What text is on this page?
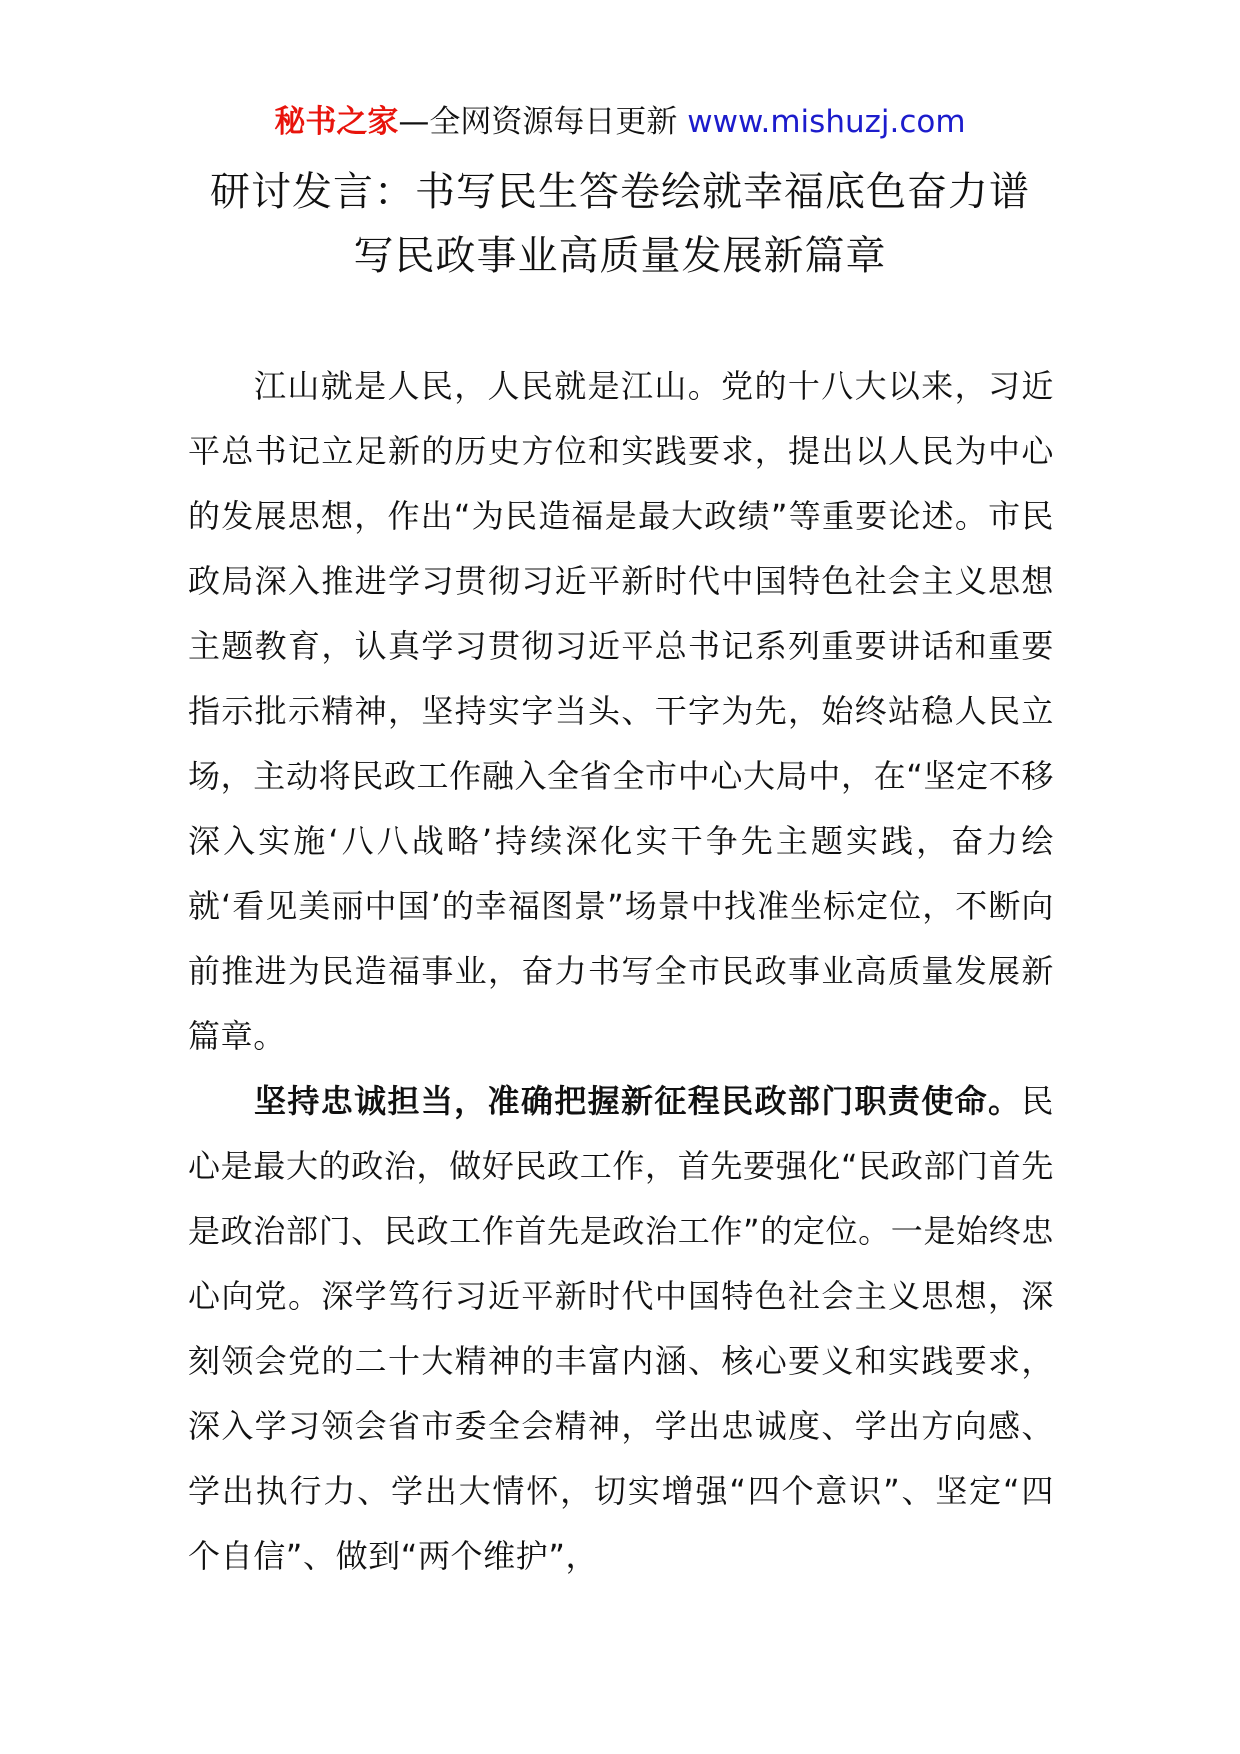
秘书之家—全网资源每日更新 www.mishuzj.com
研讨发言：书写民生答卷绘就幸福底色奋力谱
写民政事业高质量发展新篇章

江山就是人民，人民就是江山。党的十八大以来，习近平总书记立足新的历史方位和实践要求，提出以人民为中心的发展思想，作出“为民造福是最大政绩”等重要论述。市民政局深入推进学习贯彻习近平新时代中国特色社会主义思想主题教育，认真学习贯彻习近平总书记系列重要讲话和重要指示批示精神，坚持实字当头、干字为先，始终站稳人民立场，主动将民政工作融入全省全市中心大局中，在“坚定不移深入实施‘八八战略’持续深化实干争先主题实践，奋力绘就‘看见美丽中国’的幸福图景”场景中找准坐标定位，不断向前推进为民造福事业，奋力书写全市民政事业高质量发展新篇章。

坚持忠诚担当，准确把握新征程民政部门职责使命。民心是最大的政治，做好民政工作，首先要强化“民政部门首先是政治部门、民政工作首先是政治工作”的定位。一是始终忠心向党。深学笃行习近平新时代中国特色社会主义思想，深刻领会党的二十大精神的丰富内涵、核心要义和实践要求，深入学习领会省市委全会精神，学出忠诚度、学出方向感、学出执行力、学出大情怀，切实增强“四个意识”、坚定“四个自信”、做到“两个维护”，
